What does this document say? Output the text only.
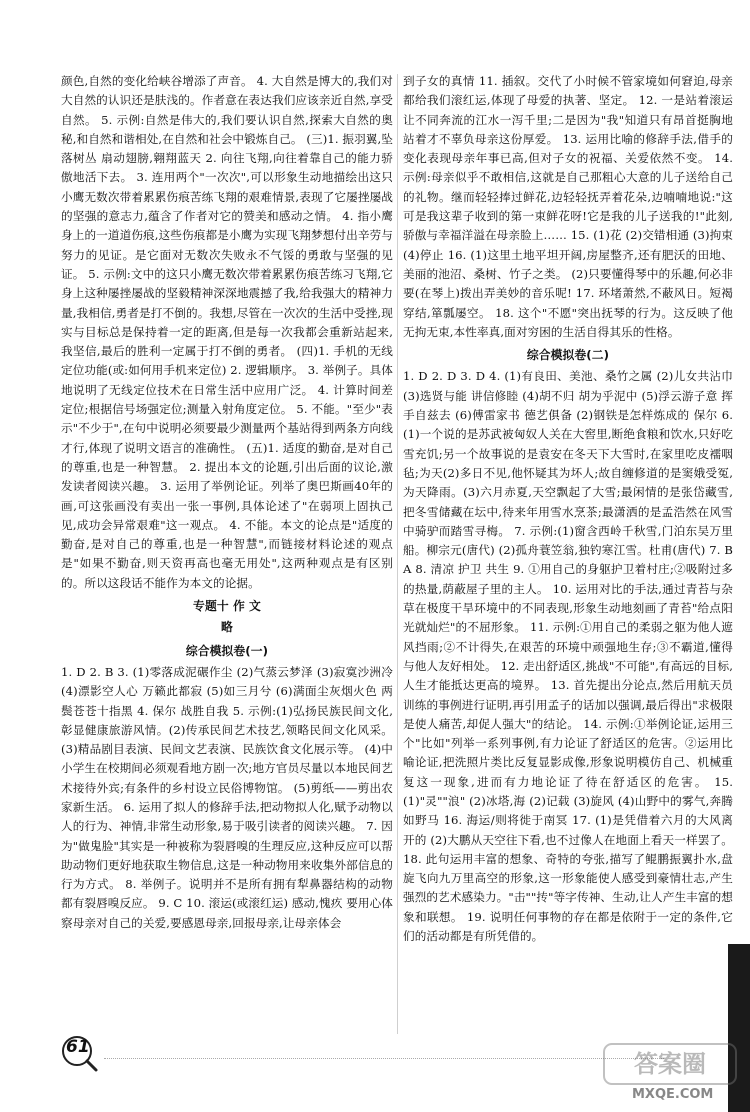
颜色,自然的变化给峡谷增添了声音。 4. 大自然是博大的,我们对大自然的认识还是肤浅的。作者意在表达我们应该亲近自然,享受自然。 5. 示例:自然是伟大的,我们要认识自然,探索大自然的奥秘,和自然和谐相处,在自然和社会中锻炼自己。 (三)1. 振羽翼,坠落树丛 扇动翅膀,翱翔蓝天 2. 向往飞翔,向往着靠自己的能力骄傲地活下去。 3. 连用两个"一次次",可以形象生动地描绘出这只小鹰无数次带着累累伤痕苦练飞翔的艰难情景,表现了它屡挫屡战的坚强的意志力,蕴含了作者对它的赞美和感动之情。 4. 指小鹰身上的一道道伤痕,这些伤痕都是小鹰为实现飞翔梦想付出辛劳与努力的见证。是它面对无数次失败永不气馁的勇敢与坚强的见证。 5. 示例:文中的这只小鹰无数次带着累累伤痕苦练习飞翔,它身上这种屡挫屡战的坚毅精神深深地震撼了我,给我强大的精神力量,我相信,勇者是打不倒的。我想,尽管在一次次的生活中受挫,现实与目标总是保持着一定的距离,但是每一次我都会重新站起来,我坚信,最后的胜利一定属于打不倒的勇者。 (四)1. 手机的无线定位功能(或:如何用手机来定位) 2. 逻辑顺序。 3. 举例子。具体地说明了无线定位技术在日常生活中应用广泛。 4. 计算时间差定位;根据信号场强定位;测量入射角度定位。 5. 不能。"至少"表示"不少于",在句中说明必须要最少测量两个基站得到两条方向线才行,体现了说明文语言的准确性。 (五)1. 适度的勤奋,是对自己的尊重,也是一种智慧。 2. 提出本文的论题,引出后面的议论,激发读者阅读兴趣。 3. 运用了举例论证。列举了奥巴斯画40年的画,可这张画没有卖出一张一事例,具体论述了"在弱项上固执己见,成功会异常艰难"这一观点。 4. 不能。本文的论点是"适度的勤奋,是对自己的尊重,也是一种智慧",而链接材料论述的观点是"如果不勤奋,则天资再高也毫无用处",这两种观点是有区别的。所以这段话不能作为本文的论据。

专题十 作 文
略
综合模拟卷(一)

1. D 2. B 3. (1)零落成泥碾作尘 (2)气蒸云梦泽 (3)寂寞沙洲冷 (4)漂影空人心 万籁此都寂 (5)如三月兮 (6)满面尘灰烟火色 两鬓苍苍十指黑 4. 保尔 战胜自我 5. 示例:(1)弘扬民族民间文化,彰显健康旅游风情。(2)传承民间艺术技艺,领略民间文化风采。(3)精品剧目表演、民间文艺表演、民族饮食文化展示等。 (4)中小学生在校期间必须观看地方剧一次;地方官员尽量以本地民间艺术接待外宾;有条件的乡村设立民俗博物馆。 (5)剪纸——剪出农家新生活。 6. 运用了拟人的修辞手法,把动物拟人化,赋予动物以人的行为、神情,非常生动形象,易于吸引读者的阅读兴趣。 7. 因为"做鬼脸"其实是一种被称为裂唇嗅的生理反应,这种反应可以帮助动物们更好地获取生物信息,这是一种动物用来收集外部信息的行为方式。 8. 举例子。说明并不是所有拥有犁鼻器结构的动物都有裂唇嗅反应。 9. C 10. 滚运(或滚红运) 感动,愧疚 要用心体察母亲对自己的关爱,要感恩母亲,回报母亲,让母亲体会

到子女的真情 11. 插叙。交代了小时候不管家境如何窘迫,母亲都给我们滚红运,体现了母爱的执著、坚定。 12. 一是站着滚运让不同奔流的江水一泻千里;二是因为"我"知道只有昂首挺胸地站着才不辜负母亲这份厚爱。 13. 运用比喻的修辞手法,借手的变化表现母亲年事已高,但对子女的祝福、关爱依然不变。 14. 示例:母亲似乎不敢相信,这就是自己那粗心大意的儿子送给自己的礼物。继而轻轻捧过鲜花,边轻轻抚弄着花朵,边喃喃地说:"这可是我这辈子收到的第一束鲜花呀!它是我的儿子送我的!"此刻,骄傲与幸福洋溢在母亲脸上…… 15. (1)花 (2)交错相通 (3)拘束 (4)停止 16. (1)这里土地平坦开阔,房屋整齐,还有肥沃的田地、美丽的池沼、桑树、竹子之类。 (2)只要懂得琴中的乐趣,何必非要(在琴上)拨出弄美妙的音乐呢! 17. 环堵萧然,不蔽风日。短褐穿结,箪瓢屡空。 18. 这个"不愿"突出抚琴的行为。这反映了他无拘无束,本性率真,面对穷困的生活自得其乐的性格。

综合模拟卷(二)

1. D 2. D 3. D 4. (1)有良田、美池、桑竹之属 (2)儿女共沾巾 (3)选贤与能 讲信修睦 (4)胡不归 胡为乎泥中 (5)浮云游子意 挥手自兹去 (6)傅雷家书 德艺俱备 (2)钢铁是怎样炼成的 保尔 6. (1)一个说的是苏武被匈奴人关在大窖里,断绝食粮和饮水,只好吃雪充饥;另一个故事说的是袁安在冬天下大雪时,在家里吃皮襦咽毡;为天(2)多日不见,他怀疑其为坏人;故自缠修道的是窦娥受冤,为天降雨。(3)六月赤夏,天空飘起了大雪;最闲情的是张岱藏雪,把冬雪储藏在坛中,待来年用雪水烹茶;最潇洒的是孟浩然在风雪中骑驴而踏雪寻梅。 7. 示例:(1)窗含西岭千秋雪,门泊东吴万里船。柳宗元(唐代) (2)孤舟蓑笠翁,独钓寒江雪。杜甫(唐代) 7. B A 8. 清凉 护卫 共生 9. ①用自己的身躯护卫着村庄;②吸附过多的热量,荫蔽屋子里的主人。 10. 运用对比的手法,通过青苔与杂草在极度干旱环境中的不同表现,形象生动地刻画了青苔"给点阳光就灿烂"的不屈形象。 11. 示例:①用自己的柔弱之躯为他人遮风挡雨;②不计得失,在艰苦的环境中顽强地生存;③不霸道,懂得与他人友好相处。 12. 走出舒适区,挑战"不可能",有高远的目标,人生才能抵达更高的境界。 13. 首先提出分论点,然后用航天员训练的事例进行证明,再引用孟子的话加以强调,最后得出"求极限是使人痛苦,却促人强大"的结论。 14. 示例:①举例论证,运用三个"比如"列举一系列事例,有力论证了舒适区的危害。②运用比喻论证,把洗照片类比反复显影成像,形象说明模仿自己、机械重复这一现象,进而有力地论证了待在舒适区的危害。 15. (1)"灵""浪" (2)冰塔,海 (2)记载 (3)旋风 (4)山野中的雾气,奔腾如野马 16. 海运/则将徙于南冥 17. (1)是凭借着六月的大风离开的 (2)大鹏从天空往下看,也不过像人在地面上看天一样罢了。 18. 此句运用丰富的想象、奇特的夸张,描写了鲲鹏振翼扑水,盘旋飞向九万里高空的形象,这一形象能使人感受到豪情壮志,产生强烈的艺术感染力。"击""抟"等字传神、生动,让人产生丰富的想象和联想。 19. 说明任何事物的存在都是依附于一定的条件,它们的活动都是有所凭借的。

61
答案圈
MXQE.COM
